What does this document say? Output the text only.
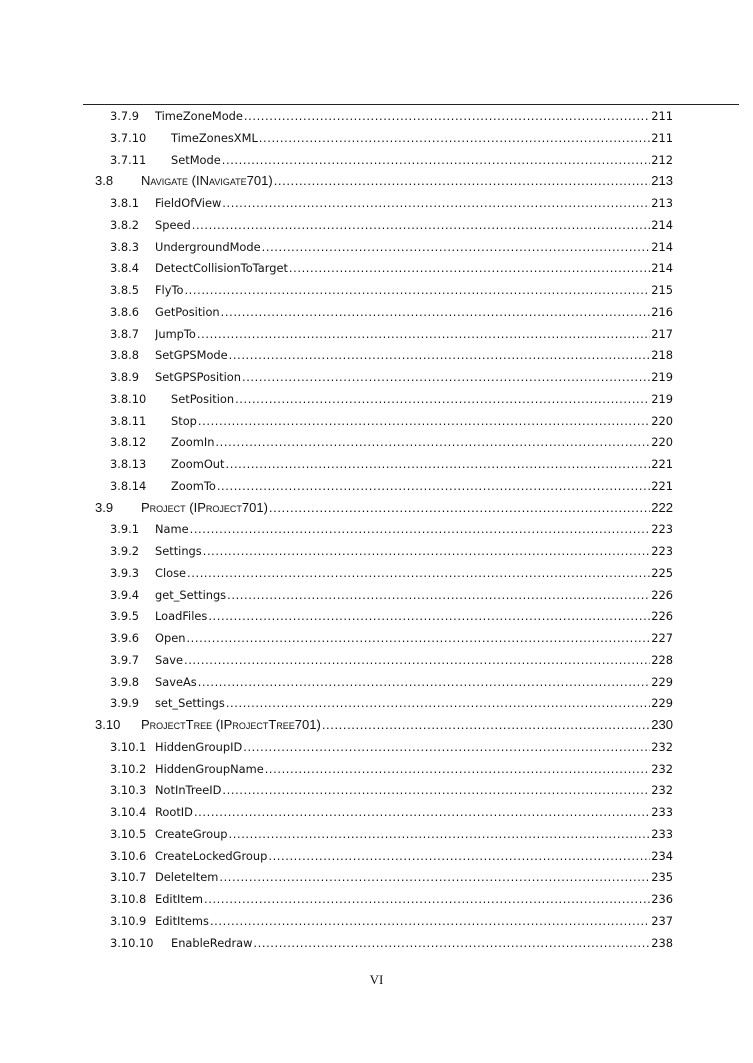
3.7.9 TimeZoneMode .....	211
3.7.10 TimeZonesXML .....	211
3.7.11 SetMode .....	212
3.8 Navigate (INavigate701) .....	213
3.8.1 FieldOfView .....	213
3.8.2 Speed .....	214
3.8.3 UndergroundMode .....	214
3.8.4 DetectCollisionToTarget .....	214
3.8.5 FlyTo .....	215
3.8.6 GetPosition .....	216
3.8.7 JumpTo .....	217
3.8.8 SetGPSMode .....	218
3.8.9 SetGPSPosition .....	219
3.8.10 SetPosition .....	219
3.8.11 Stop .....	220
3.8.12 ZoomIn .....	220
3.8.13 ZoomOut .....	221
3.8.14 ZoomTo .....	221
3.9 Project (IProject701) .....	222
3.9.1 Name .....	223
3.9.2 Settings .....	223
3.9.3 Close .....	225
3.9.4 get_Settings .....	226
3.9.5 LoadFiles .....	226
3.9.6 Open .....	227
3.9.7 Save .....	228
3.9.8 SaveAs .....	229
3.9.9 set_Settings .....	229
3.10 ProjectTree (IProjectTree701) .....	230
3.10.1 HiddenGroupID .....	232
3.10.2 HiddenGroupName .....	232
3.10.3 NotInTreeID .....	232
3.10.4 RootID .....	233
3.10.5 CreateGroup .....	233
3.10.6 CreateLockedGroup .....	234
3.10.7 DeleteItem .....	235
3.10.8 EditItem .....	236
3.10.9 EditItems .....	237
3.10.10 EnableRedraw .....	238
VI
